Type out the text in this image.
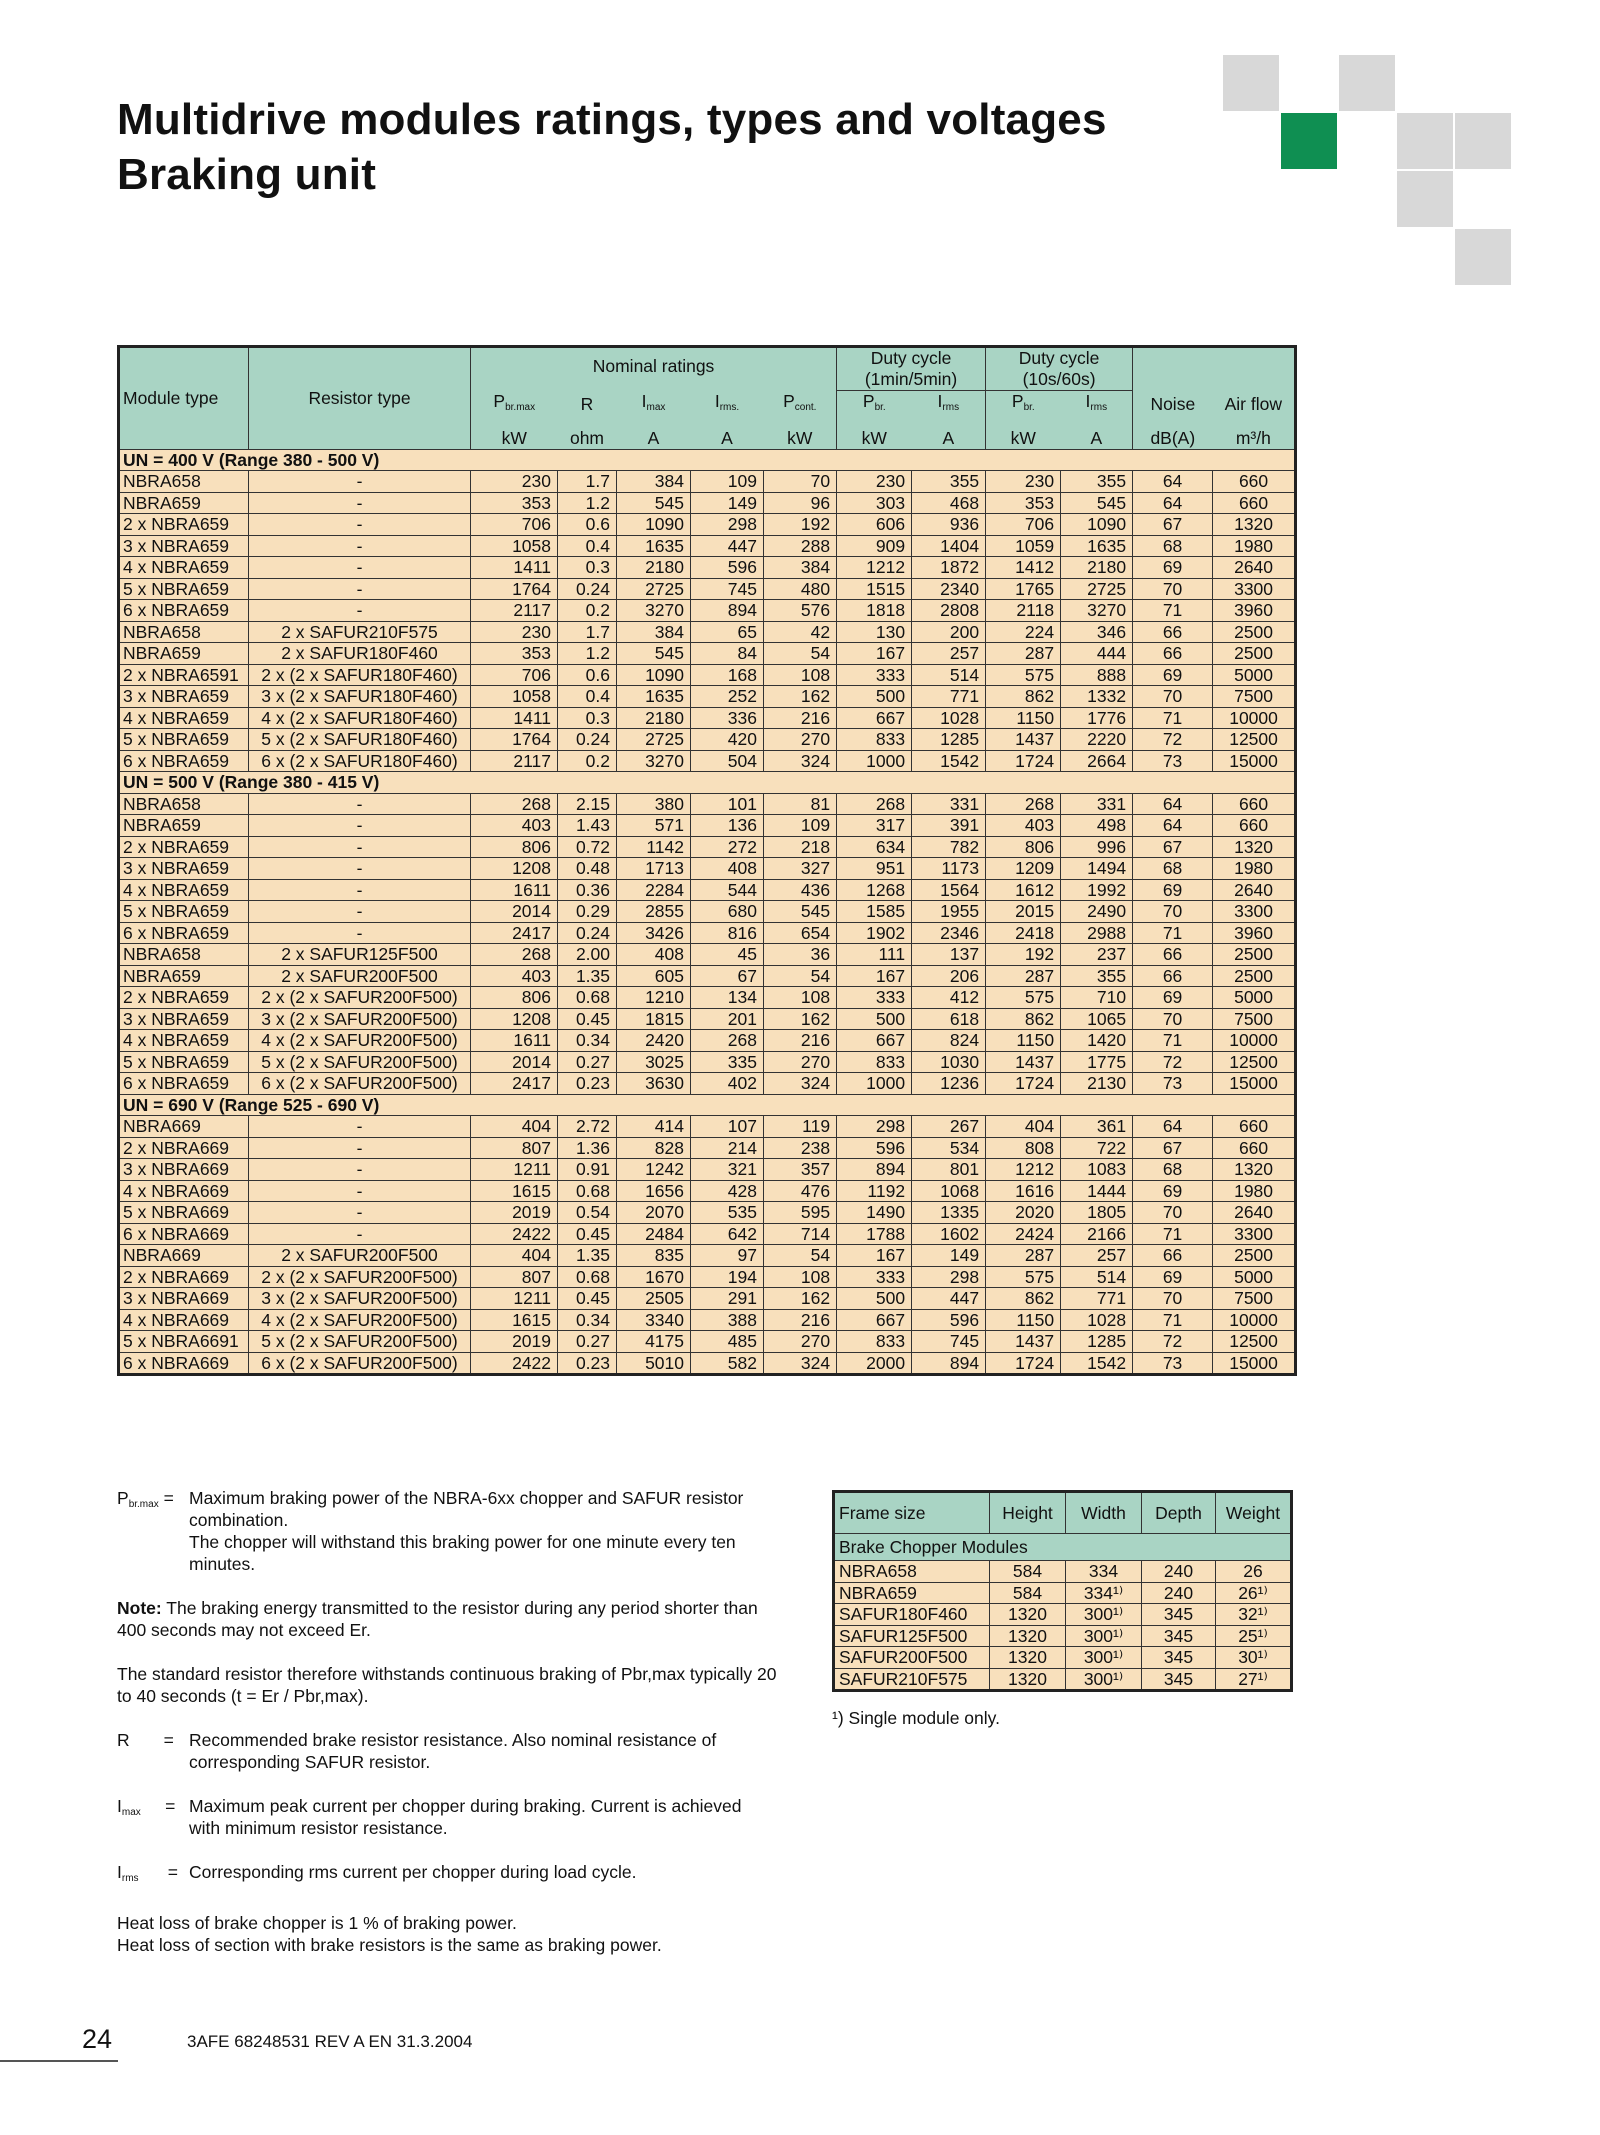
Multidrive modules ratings, types and voltages
Braking unit
Module type	Resistor type	Nominal ratings					Duty cycle (1min/5min)		Duty cycle (10s/60s)			
		$P_{br.max}$	R	$I_{max}$	$I_{rms.}$	$P_{cont.}$	$P_{br.}$	$I_{rms}$	$P_{br.}$	$I_{rms}$	Noise	Air flow
		kW	ohm	A	A	kW	kW	A	kW	A	dB(A)	m³/h
UN = 400 V (Range 380 - 500 V)												
NBRA658	-	230	1.7	384	109	70	230	355	230	355	64	660
NBRA659	-	353	1.2	545	149	96	303	468	353	545	64	660
2 x NBRA659	-	706	0.6	1090	298	192	606	936	706	1090	67	1320
3 x NBRA659	-	1058	0.4	1635	447	288	909	1404	1059	1635	68	1980
4 x NBRA659	-	1411	0.3	2180	596	384	1212	1872	1412	2180	69	2640
5 x NBRA659	-	1764	0.24	2725	745	480	1515	2340	1765	2725	70	3300
6 x NBRA659	-	2117	0.2	3270	894	576	1818	2808	2118	3270	71	3960
NBRA658	2 x SAFUR210F575	230	1.7	384	65	42	130	200	224	346	66	2500
NBRA659	2 x SAFUR180F460	353	1.2	545	84	54	167	257	287	444	66	2500
2 x NBRA6591	2 x (2 x SAFUR180F460)	706	0.6	1090	168	108	333	514	575	888	69	5000
3 x NBRA659	3 x (2 x SAFUR180F460)	1058	0.4	1635	252	162	500	771	862	1332	70	7500
4 x NBRA659	4 x (2 x SAFUR180F460)	1411	0.3	2180	336	216	667	1028	1150	1776	71	10000
5 x NBRA659	5 x (2 x SAFUR180F460)	1764	0.24	2725	420	270	833	1285	1437	2220	72	12500
6 x NBRA659	6 x (2 x SAFUR180F460)	2117	0.2	3270	504	324	1000	1542	1724	2664	73	15000
UN = 500 V (Range 380 - 415 V)												
NBRA658	-	268	2.15	380	101	81	268	331	268	331	64	660
NBRA659	-	403	1.43	571	136	109	317	391	403	498	64	660
2 x NBRA659	-	806	0.72	1142	272	218	634	782	806	996	67	1320
3 x NBRA659	-	1208	0.48	1713	408	327	951	1173	1209	1494	68	1980
4 x NBRA659	-	1611	0.36	2284	544	436	1268	1564	1612	1992	69	2640
5 x NBRA659	-	2014	0.29	2855	680	545	1585	1955	2015	2490	70	3300
6 x NBRA659	-	2417	0.24	3426	816	654	1902	2346	2418	2988	71	3960
NBRA658	2 x SAFUR125F500	268	2.00	408	45	36	111	137	192	237	66	2500
NBRA659	2 x SAFUR200F500	403	1.35	605	67	54	167	206	287	355	66	2500
2 x NBRA659	2 x (2 x SAFUR200F500)	806	0.68	1210	134	108	333	412	575	710	69	5000
3 x NBRA659	3 x (2 x SAFUR200F500)	1208	0.45	1815	201	162	500	618	862	1065	70	7500
4 x NBRA659	4 x (2 x SAFUR200F500)	1611	0.34	2420	268	216	667	824	1150	1420	71	10000
5 x NBRA659	5 x (2 x SAFUR200F500)	2014	0.27	3025	335	270	833	1030	1437	1775	72	12500
6 x NBRA659	6 x (2 x SAFUR200F500)	2417	0.23	3630	402	324	1000	1236	1724	2130	73	15000
UN = 690 V (Range 525 - 690 V)												
NBRA669	-	404	2.72	414	107	119	298	267	404	361	64	660
2 x NBRA669	-	807	1.36	828	214	238	596	534	808	722	67	660
3 x NBRA669	-	1211	0.91	1242	321	357	894	801	1212	1083	68	1320
4 x NBRA669	-	1615	0.68	1656	428	476	1192	1068	1616	1444	69	1980
5 x NBRA669	-	2019	0.54	2070	535	595	1490	1335	2020	1805	70	2640
6 x NBRA669	-	2422	0.45	2484	642	714	1788	1602	2424	2166	71	3300
NBRA669	2 x SAFUR200F500	404	1.35	835	97	54	167	149	287	257	66	2500
2 x NBRA669	2 x (2 x SAFUR200F500)	807	0.68	1670	194	108	333	298	575	514	69	5000
3 x NBRA669	3 x (2 x SAFUR200F500)	1211	0.45	2505	291	162	500	447	862	771	70	7500
4 x NBRA669	4 x (2 x SAFUR200F500)	1615	0.34	3340	388	216	667	596	1150	1028	71	10000
5 x NBRA6691	5 x (2 x SAFUR200F500)	2019	0.27	4175	485	270	833	745	1437	1285	72	12500
6 x NBRA669	6 x (2 x SAFUR200F500)	2422	0.23	5010	582	324	2000	894	1724	1542	73	15000
$P_{br.max}$ = Maximum braking power of the NBRA-6xx chopper and SAFUR resistor combination.

The chopper will withstand this braking power for one minute every ten minutes.

Note: The braking energy transmitted to the resistor during any period shorter than 400 seconds may not exceed Er.

The standard resistor therefore withstands continuous braking of Pbr,max typically 20 to 40 seconds (t = Er / Pbr,max).

R       = Recommended brake resistor resistance. Also nominal resistance of corresponding SAFUR resistor.
$I_{max}$     = Maximum peak current per chopper during braking. Current is achieved with minimum resistor resistance.
$I_{rms}$      = Corresponding rms current per chopper during load cycle.

Heat loss of brake chopper is 1 % of braking power.

Heat loss of section with brake resistors is the same as braking power.

Frame size	Height	Width	Depth	Weight
Brake Chopper Modules				
NBRA658	584	334	240	26
NBRA659	584	334¹⁾	240	26¹⁾
SAFUR180F460	1320	300¹⁾	345	32¹⁾
SAFUR125F500	1320	300¹⁾	345	25¹⁾
SAFUR200F500	1320	300¹⁾	345	30¹⁾
SAFUR210F575	1320	300¹⁾	345	27¹⁾
¹) Single module only.
24	3AFE 68248531 REV A EN 31.3.2004
